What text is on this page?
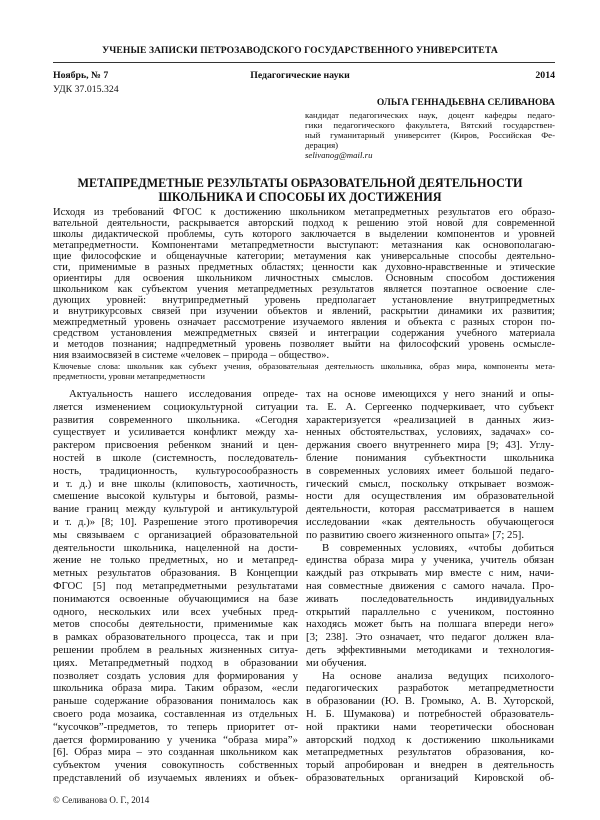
УЧЕНЫЕ ЗАПИСКИ ПЕТРОЗАВОДСКОГО ГОСУДАРСТВЕННОГО УНИВЕРСИТЕТА
Ноябрь, № 7	Педагогические науки	2014
УДК 37.015.324
ОЛЬГА ГЕННАДЬЕВНА СЕЛИВАНОВА
кандидат педагогических наук, доцент кафедры педаго-
гики педагогического факультета, Вятский государствен-
ный гуманитарный университет (Киров, Российская Фе-
дерация)
selivanog@mail.ru
МЕТАПРЕДМЕТНЫЕ РЕЗУЛЬТАТЫ ОБРАЗОВАТЕЛЬНОЙ ДЕЯТЕЛЬНОСТИ
ШКОЛЬНИКА И СПОСОБЫ ИХ ДОСТИЖЕНИЯ
Исходя из требований ФГОС к достижению школьником метапредметных результатов его образо-
вательной деятельности, раскрывается авторский подход к решению этой новой для современной
школы дидактической проблемы, суть которого заключается в выделении компонентов и уровней
метапредметности. Компонентами метапредметности выступают: метазнания как основополагаю-
щие философские и общенаучные категории; метаумения как универсальные способы деятельно-
сти, применимые в разных предметных областях; ценности как духовно-нравственные и этические
ориентиры для освоения школьником личностных смыслов. Основным способом достижения
школьником как субъектом учения метапредметных результатов является поэтапное освоение сле-
дующих уровней: внутрипредметный уровень предполагает установление внутрипредметных
и внутрикурсовых связей при изучении объектов и явлений, раскрытии динамики их развития;
межпредметный уровень означает рассмотрение изучаемого явления и объекта с разных сторон по-
средством установления межпредметных связей и интеграции содержания учебного материала
и методов познания; надпредметный уровень позволяет выйти на философский уровень осмысле-
ния взаимосвязей в системе «человек – природа – общество».
Ключевые слова: школьник как субъект учения, образовательная деятельность школьника, образ мира, компоненты мета-
предметности, уровни метапредметности
Актуальность нашего исследования опреде-
ляется изменением социокультурной ситуации
развития современного школьника. «Сегодня
существует и усиливается конфликт между ха-
рактером присвоения ребенком знаний и цен-
ностей в школе (системность, последователь-
ность, традиционность, культуросообразность
и т. д.) и вне школы (клиповость, хаотичность,
смешение высокой культуры и бытовой, размы-
вание границ между культурой и антикультурой
и т. д.)» [8; 10]. Разрешение этого противоречия
мы связываем с организацией образовательной
деятельности школьника, нацеленной на дости-
жение не только предметных, но и метапред-
метных результатов образования. В Концепции
ФГОС [5] под метапредметными результатами
понимаются освоенные обучающимися на базе
одного, нескольких или всех учебных пред-
метов способы деятельности, применимые как
в рамках образовательного процесса, так и при
решении проблем в реальных жизненных ситуа-
циях. Метапредметный подход в образовании
позволяет создать условия для формирования у
школьника образа мира. Таким образом, «если
раньше содержание образования понималось как
своего рода мозаика, составленная из отдельных
“кусочков”-предметов, то теперь приоритет от-
дается формированию у ученика “образа мира”»
[6]. Образ мира – это созданная школьником как
субъектом учения совокупность собственных
представлений об изучаемых явлениях и объек-
тах на основе имеющихся у него знаний и опы-
та. Е. А. Сергеенко подчеркивает, что субъект
характеризуется «реализацией в данных жиз-
ненных обстоятельствах, условиях, задачах» со-
держания своего внутреннего мира [9; 43]. Углу-
бление понимания субъектности школьника
в современных условиях имеет большой педаго-
гический смысл, поскольку открывает возмож-
ности для осуществления им образовательной
деятельности, которая рассматривается в нашем
исследовании «как деятельность обучающегося
по развитию своего жизненного опыта» [7; 25].
В современных условиях, «чтобы добиться
единства образа мира у ученика, учитель обязан
каждый раз открывать мир вместе с ним, начи-
ная совместные движения с самого начала. Про-
живать последовательность индивидуальных
открытий параллельно с учеником, постоянно
находясь может быть на полшага впереди него»
[3; 238]. Это означает, что педагог должен вла-
деть эффективными методиками и технология-
ми обучения.
На основе анализа ведущих психолого-
педагогических разработок метапредметности
в образовании (Ю. В. Громыко, А. В. Хуторской,
Н. Б. Шумакова) и потребностей образователь-
ной практики нами теоретически обоснован
авторский подход к достижению школьниками
метапредметных результатов образования, ко-
торый апробирован и внедрен в деятельность
образовательных организаций Кировской об-
© Селиванова О. Г., 2014
